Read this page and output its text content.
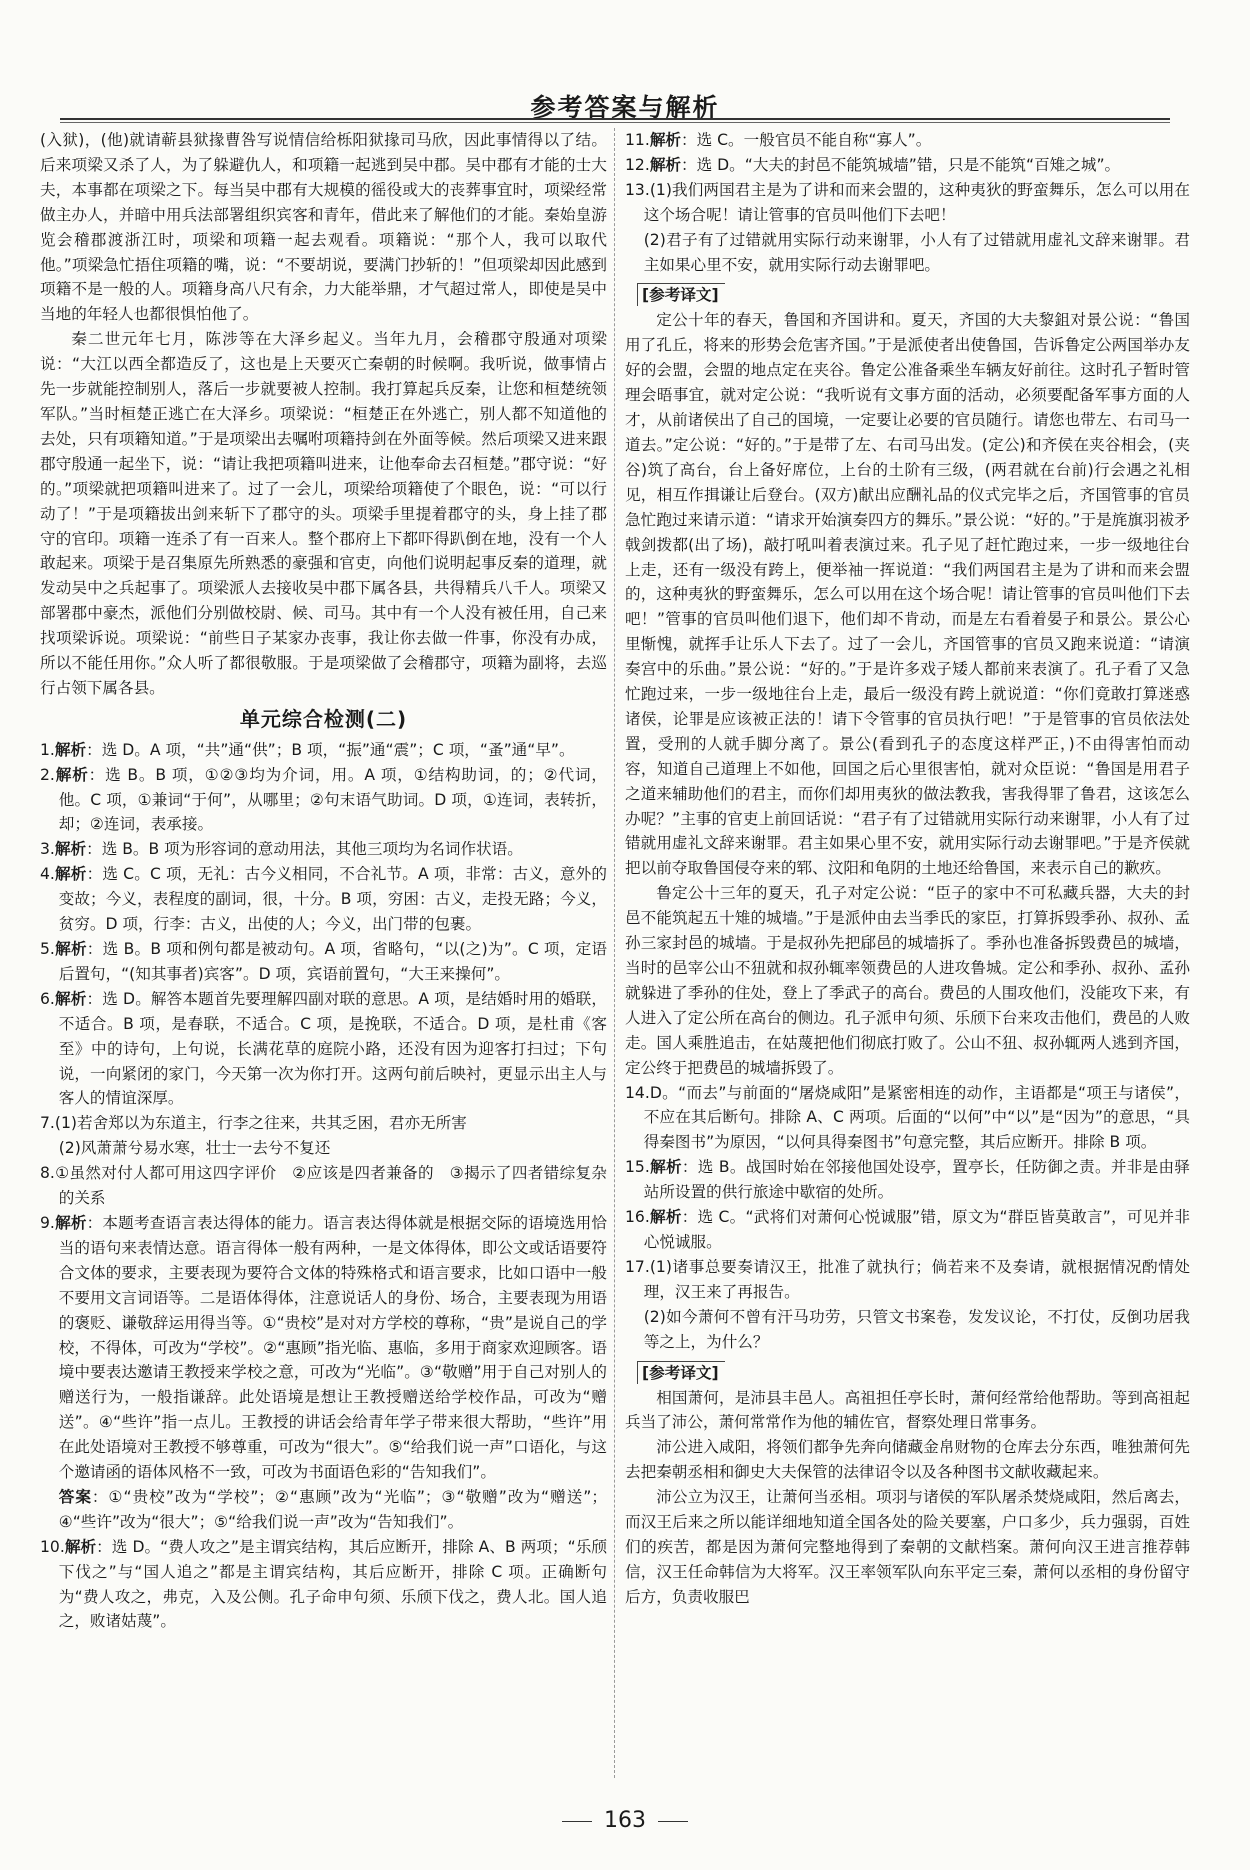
参考答案与解析

(入狱)，(他)就请蕲县狱掾曹咎写说情信给栎阳狱掾司马欣，因此事情得以了结。后来项梁又杀了人，为了躲避仇人，和项籍一起逃到吴中郡。吴中郡有才能的士大夫，本事都在项梁之下。每当吴中郡有大规模的徭役或大的丧葬事宜时，项梁经常做主办人，并暗中用兵法部署组织宾客和青年，借此来了解他们的才能。秦始皇游览会稽郡渡浙江时，项梁和项籍一起去观看。项籍说：“那个人，我可以取代他。”项梁急忙捂住项籍的嘴，说：“不要胡说，要满门抄斩的！”但项梁却因此感到项籍不是一般的人。项籍身高八尺有余，力大能举鼎，才气超过常人，即使是吴中当地的年轻人也都很惧怕他了。

秦二世元年七月，陈涉等在大泽乡起义。当年九月，会稽郡守殷通对项梁说：“大江以西全都造反了，这也是上天要灭亡秦朝的时候啊。我听说，做事情占先一步就能控制别人，落后一步就要被人控制。我打算起兵反秦，让您和桓楚统领军队。”当时桓楚正逃亡在大泽乡。项梁说：“桓楚正在外逃亡，别人都不知道他的去处，只有项籍知道。”于是项梁出去嘱咐项籍持剑在外面等候。然后项梁又进来跟郡守殷通一起坐下，说：“请让我把项籍叫进来，让他奉命去召桓楚。”郡守说：“好的。”项梁就把项籍叫进来了。过了一会儿，项梁给项籍使了个眼色，说：“可以行动了！”于是项籍拔出剑来斩下了郡守的头。项梁手里提着郡守的头，身上挂了郡守的官印。项籍一连杀了有一百来人。整个郡府上下都吓得趴倒在地，没有一个人敢起来。项梁于是召集原先所熟悉的豪强和官吏，向他们说明起事反秦的道理，就发动吴中之兵起事了。项梁派人去接收吴中郡下属各县，共得精兵八千人。项梁又部署郡中豪杰，派他们分别做校尉、候、司马。其中有一个人没有被任用，自己来找项梁诉说。项梁说：“前些日子某家办丧事，我让你去做一件事，你没有办成，所以不能任用你。”众人听了都很敬服。于是项梁做了会稽郡守，项籍为副将，去巡行占领下属各县。

单元综合检测(二)

1.解析：选 D。A 项，“共”通“供”；B 项，“振”通“震”；C 项，“蚤”通“早”。

2.解析：选 B。B 项，①②③均为介词，用。A 项，①结构助词，的；②代词，他。C 项，①兼词“于何”，从哪里；②句末语气助词。D 项，①连词，表转折，却；②连词，表承接。

3.解析：选 B。B 项为形容词的意动用法，其他三项均为名词作状语。

4.解析：选 C。C 项，无礼：古今义相同，不合礼节。A 项，非常：古义，意外的变故；今义，表程度的副词，很，十分。B 项，穷困：古义，走投无路；今义，贫穷。D 项，行李：古义，出使的人；今义，出门带的包裹。

5.解析：选 B。B 项和例句都是被动句。A 项，省略句，“以(之)为”。C 项，定语后置句，“(知其事者)宾客”。D 项，宾语前置句，“大王来操何”。

6.解析：选 D。解答本题首先要理解四副对联的意思。A 项，是结婚时用的婚联，不适合。B 项，是春联，不适合。C 项，是挽联，不适合。D 项，是杜甫《客至》中的诗句，上句说，长满花草的庭院小路，还没有因为迎客打扫过；下句说，一向紧闭的家门，今天第一次为你打开。这两句前后映衬，更显示出主人与客人的情谊深厚。

7.(1)若舍郑以为东道主，行李之往来，共其乏困，君亦无所害

(2)风萧萧兮易水寒，壮士一去兮不复还

8.①虽然对付人都可用这四字评价　②应该是四者兼备的　③揭示了四者错综复杂的关系

9.解析：本题考查语言表达得体的能力。语言表达得体就是根据交际的语境选用恰当的语句来表情达意。语言得体一般有两种，一是文体得体，即公文或话语要符合文体的要求，主要表现为要符合文体的特殊格式和语言要求，比如口语中一般不要用文言词语等。二是语体得体，注意说话人的身份、场合，主要表现为用语的褒贬、谦敬辞运用得当等。①“贵校”是对对方学校的尊称，“贵”是说自己的学校，不得体，可改为“学校”。②“惠顾”指光临、惠临，多用于商家欢迎顾客。语境中要表达邀请王教授来学校之意，可改为“光临”。③“敬赠”用于自己对别人的赠送行为，一般指谦辞。此处语境是想让王教授赠送给学校作品，可改为“赠送”。④“些许”指一点儿。王教授的讲话会给青年学子带来很大帮助，“些许”用在此处语境对王教授不够尊重，可改为“很大”。⑤“给我们说一声”口语化，与这个邀请函的语体风格不一致，可改为书面语色彩的“告知我们”。

答案：①“贵校”改为“学校”；②“惠顾”改为“光临”；③“敬赠”改为“赠送”；④“些许”改为“很大”；⑤“给我们说一声”改为“告知我们”。

10.解析：选 D。“费人攻之”是主谓宾结构，其后应断开，排除 A、B 两项；“乐颀下伐之”与“国人追之”都是主谓宾结构，其后应断开，排除 C 项。正确断句为“费人攻之，弗克，入及公侧。孔子命申句须、乐颀下伐之，费人北。国人追之，败诸姑蔑”。

11.解析：选 C。一般官员不能自称“寡人”。

12.解析：选 D。“大夫的封邑不能筑城墙”错，只是不能筑“百雉之城”。

13.(1)我们两国君主是为了讲和而来会盟的，这种夷狄的野蛮舞乐，怎么可以用在这个场合呢！请让管事的官员叫他们下去吧！

(2)君子有了过错就用实际行动来谢罪，小人有了过错就用虚礼文辞来谢罪。君主如果心里不安，就用实际行动去谢罪吧。

[参考译文]

定公十年的春天，鲁国和齐国讲和。夏天，齐国的大夫黎鉏对景公说：“鲁国用了孔丘，将来的形势会危害齐国。”于是派使者出使鲁国，告诉鲁定公两国举办友好的会盟，会盟的地点定在夹谷。鲁定公准备乘坐车辆友好前往。这时孔子暂时管理会晤事宜，就对定公说：“我听说有文事方面的活动，必须要配备军事方面的人才，从前诸侯出了自己的国境，一定要让必要的官员随行。请您也带左、右司马一道去。”定公说：“好的。”于是带了左、右司马出发。(定公)和齐侯在夹谷相会，(夹谷)筑了高台，台上备好席位，上台的土阶有三级，(两君就在台前)行会遇之礼相见，相互作揖谦让后登台。(双方)献出应酬礼品的仪式完毕之后，齐国管事的官员急忙跑过来请示道：“请求开始演奏四方的舞乐。”景公说：“好的。”于是旄旗羽袚矛戟剑拨都(出了场)，敲打吼叫着表演过来。孔子见了赶忙跑过来，一步一级地往台上走，还有一级没有跨上，便举袖一挥说道：“我们两国君主是为了讲和而来会盟的，这种夷狄的野蛮舞乐，怎么可以用在这个场合呢！请让管事的官员叫他们下去吧！”管事的官员叫他们退下，他们却不肯动，而是左右看着晏子和景公。景公心里惭愧，就挥手让乐人下去了。过了一会儿，齐国管事的官员又跑来说道：“请演奏宫中的乐曲。”景公说：“好的。”于是许多戏子矮人都前来表演了。孔子看了又急忙跑过来，一步一级地往台上走，最后一级没有跨上就说道：“你们竟敢打算迷惑诸侯，论罪是应该被正法的！请下令管事的官员执行吧！”于是管事的官员依法处置，受刑的人就手脚分离了。景公(看到孔子的态度这样严正，)不由得害怕而动容，知道自己道理上不如他，回国之后心里很害怕，就对众臣说：“鲁国是用君子之道来辅助他们的君主，而你们却用夷狄的做法教我，害我得罪了鲁君，这该怎么办呢？”主事的官吏上前回话说：“君子有了过错就用实际行动来谢罪，小人有了过错就用虚礼文辞来谢罪。君主如果心里不安，就用实际行动去谢罪吧。”于是齐侯就把以前夺取鲁国侵夺来的郓、汶阳和龟阴的土地还给鲁国，来表示自己的歉疚。

鲁定公十三年的夏天，孔子对定公说：“臣子的家中不可私藏兵器，大夫的封邑不能筑起五十雉的城墙。”于是派仲由去当季氏的家臣，打算拆毁季孙、叔孙、孟孙三家封邑的城墙。于是叔孙先把郈邑的城墙拆了。季孙也准备拆毁费邑的城墙，当时的邑宰公山不狃就和叔孙辄率领费邑的人进攻鲁城。定公和季孙、叔孙、孟孙就躲进了季孙的住处，登上了季武子的高台。费邑的人围攻他们，没能攻下来，有人进入了定公所在高台的侧边。孔子派申句须、乐颀下台来攻击他们，费邑的人败走。国人乘胜追击，在姑蔑把他们彻底打败了。公山不狃、叔孙辄两人逃到齐国，定公终于把费邑的城墙拆毁了。

14.D。“而去”与前面的“屠烧咸阳”是紧密相连的动作，主语都是“项王与诸侯”，不应在其后断句。排除 A、C 两项。后面的“以何”中“以”是“因为”的意思，“具得秦图书”为原因，“以何具得秦图书”句意完整，其后应断开。排除 B 项。

15.解析：选 B。战国时始在邻接他国处设亭，置亭长，任防御之责。并非是由驿站所设置的供行旅途中歇宿的处所。

16.解析：选 C。“武将们对萧何心悦诚服”错，原文为“群臣皆莫敢言”，可见并非心悦诚服。

17.(1)诸事总要奏请汉王，批准了就执行；倘若来不及奏请，就根据情况酌情处理，汉王来了再报告。

(2)如今萧何不曾有汗马功劳，只管文书案卷，发发议论，不打仗，反倒功居我等之上，为什么？

[参考译文]

相国萧何，是沛县丰邑人。高祖担任亭长时，萧何经常给他帮助。等到高祖起兵当了沛公，萧何常常作为他的辅佐官，督察处理日常事务。

沛公进入咸阳，将领们都争先奔向储藏金帛财物的仓库去分东西，唯独萧何先去把秦朝丞相和御史大夫保管的法律诏令以及各种图书文献收藏起来。

沛公立为汉王，让萧何当丞相。项羽与诸侯的军队屠杀焚烧咸阳，然后离去，而汉王后来之所以能详细地知道全国各处的险关要塞，户口多少，兵力强弱，百姓们的疾苦，都是因为萧何完整地得到了秦朝的文献档案。萧何向汉王进言推荐韩信，汉王任命韩信为大将军。汉王率领军队向东平定三秦，萧何以丞相的身份留守后方，负责收服巴

163
